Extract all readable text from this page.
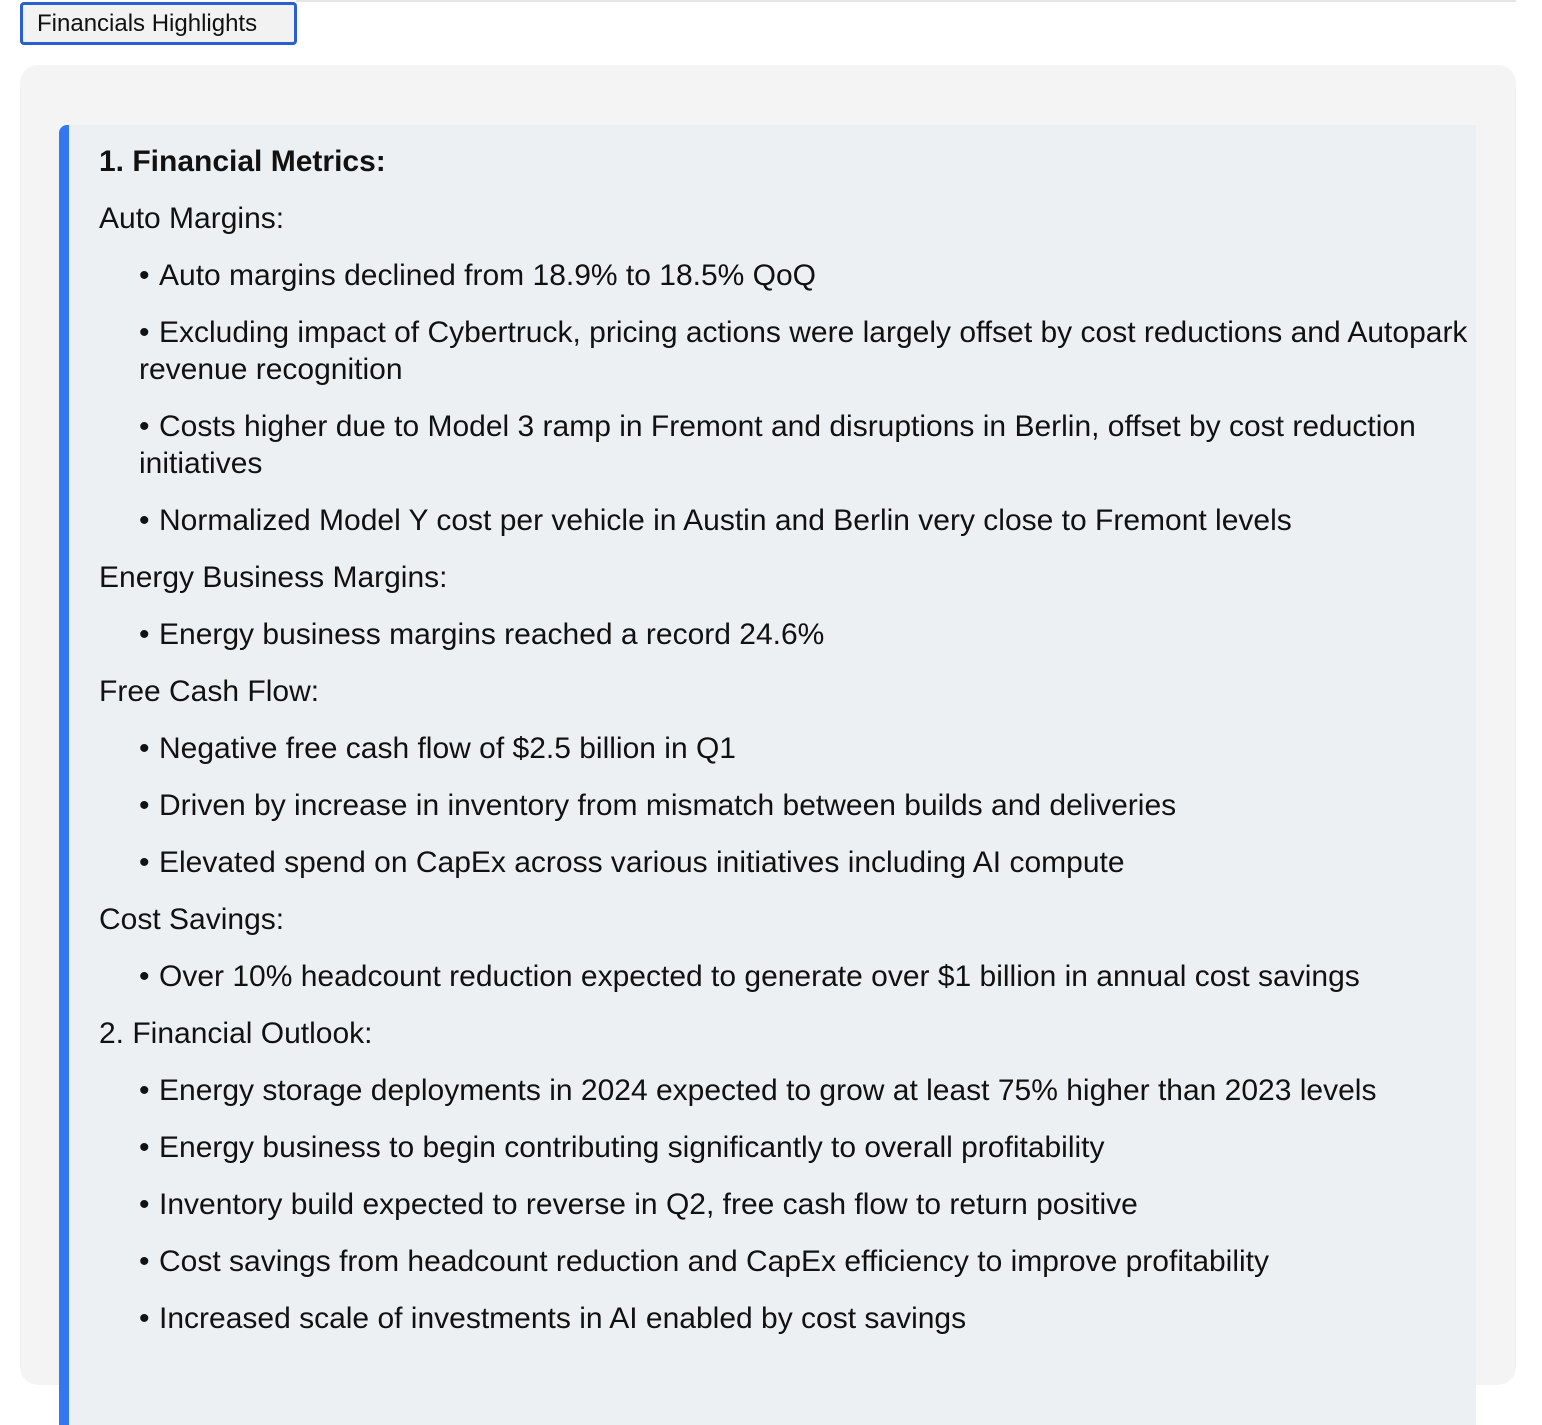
Financials Highlights
1. Financial Metrics:
Auto Margins:
• Auto margins declined from 18.9% to 18.5% QoQ
• Excluding impact of Cybertruck, pricing actions were largely offset by cost reductions and Autopark revenue recognition
• Costs higher due to Model 3 ramp in Fremont and disruptions in Berlin, offset by cost reduction initiatives
• Normalized Model Y cost per vehicle in Austin and Berlin very close to Fremont levels
Energy Business Margins:
• Energy business margins reached a record 24.6%
Free Cash Flow:
• Negative free cash flow of $2.5 billion in Q1
• Driven by increase in inventory from mismatch between builds and deliveries
• Elevated spend on CapEx across various initiatives including AI compute
Cost Savings:
• Over 10% headcount reduction expected to generate over $1 billion in annual cost savings
2. Financial Outlook:
• Energy storage deployments in 2024 expected to grow at least 75% higher than 2023 levels
• Energy business to begin contributing significantly to overall profitability
• Inventory build expected to reverse in Q2, free cash flow to return positive
• Cost savings from headcount reduction and CapEx efficiency to improve profitability
• Increased scale of investments in AI enabled by cost savings
